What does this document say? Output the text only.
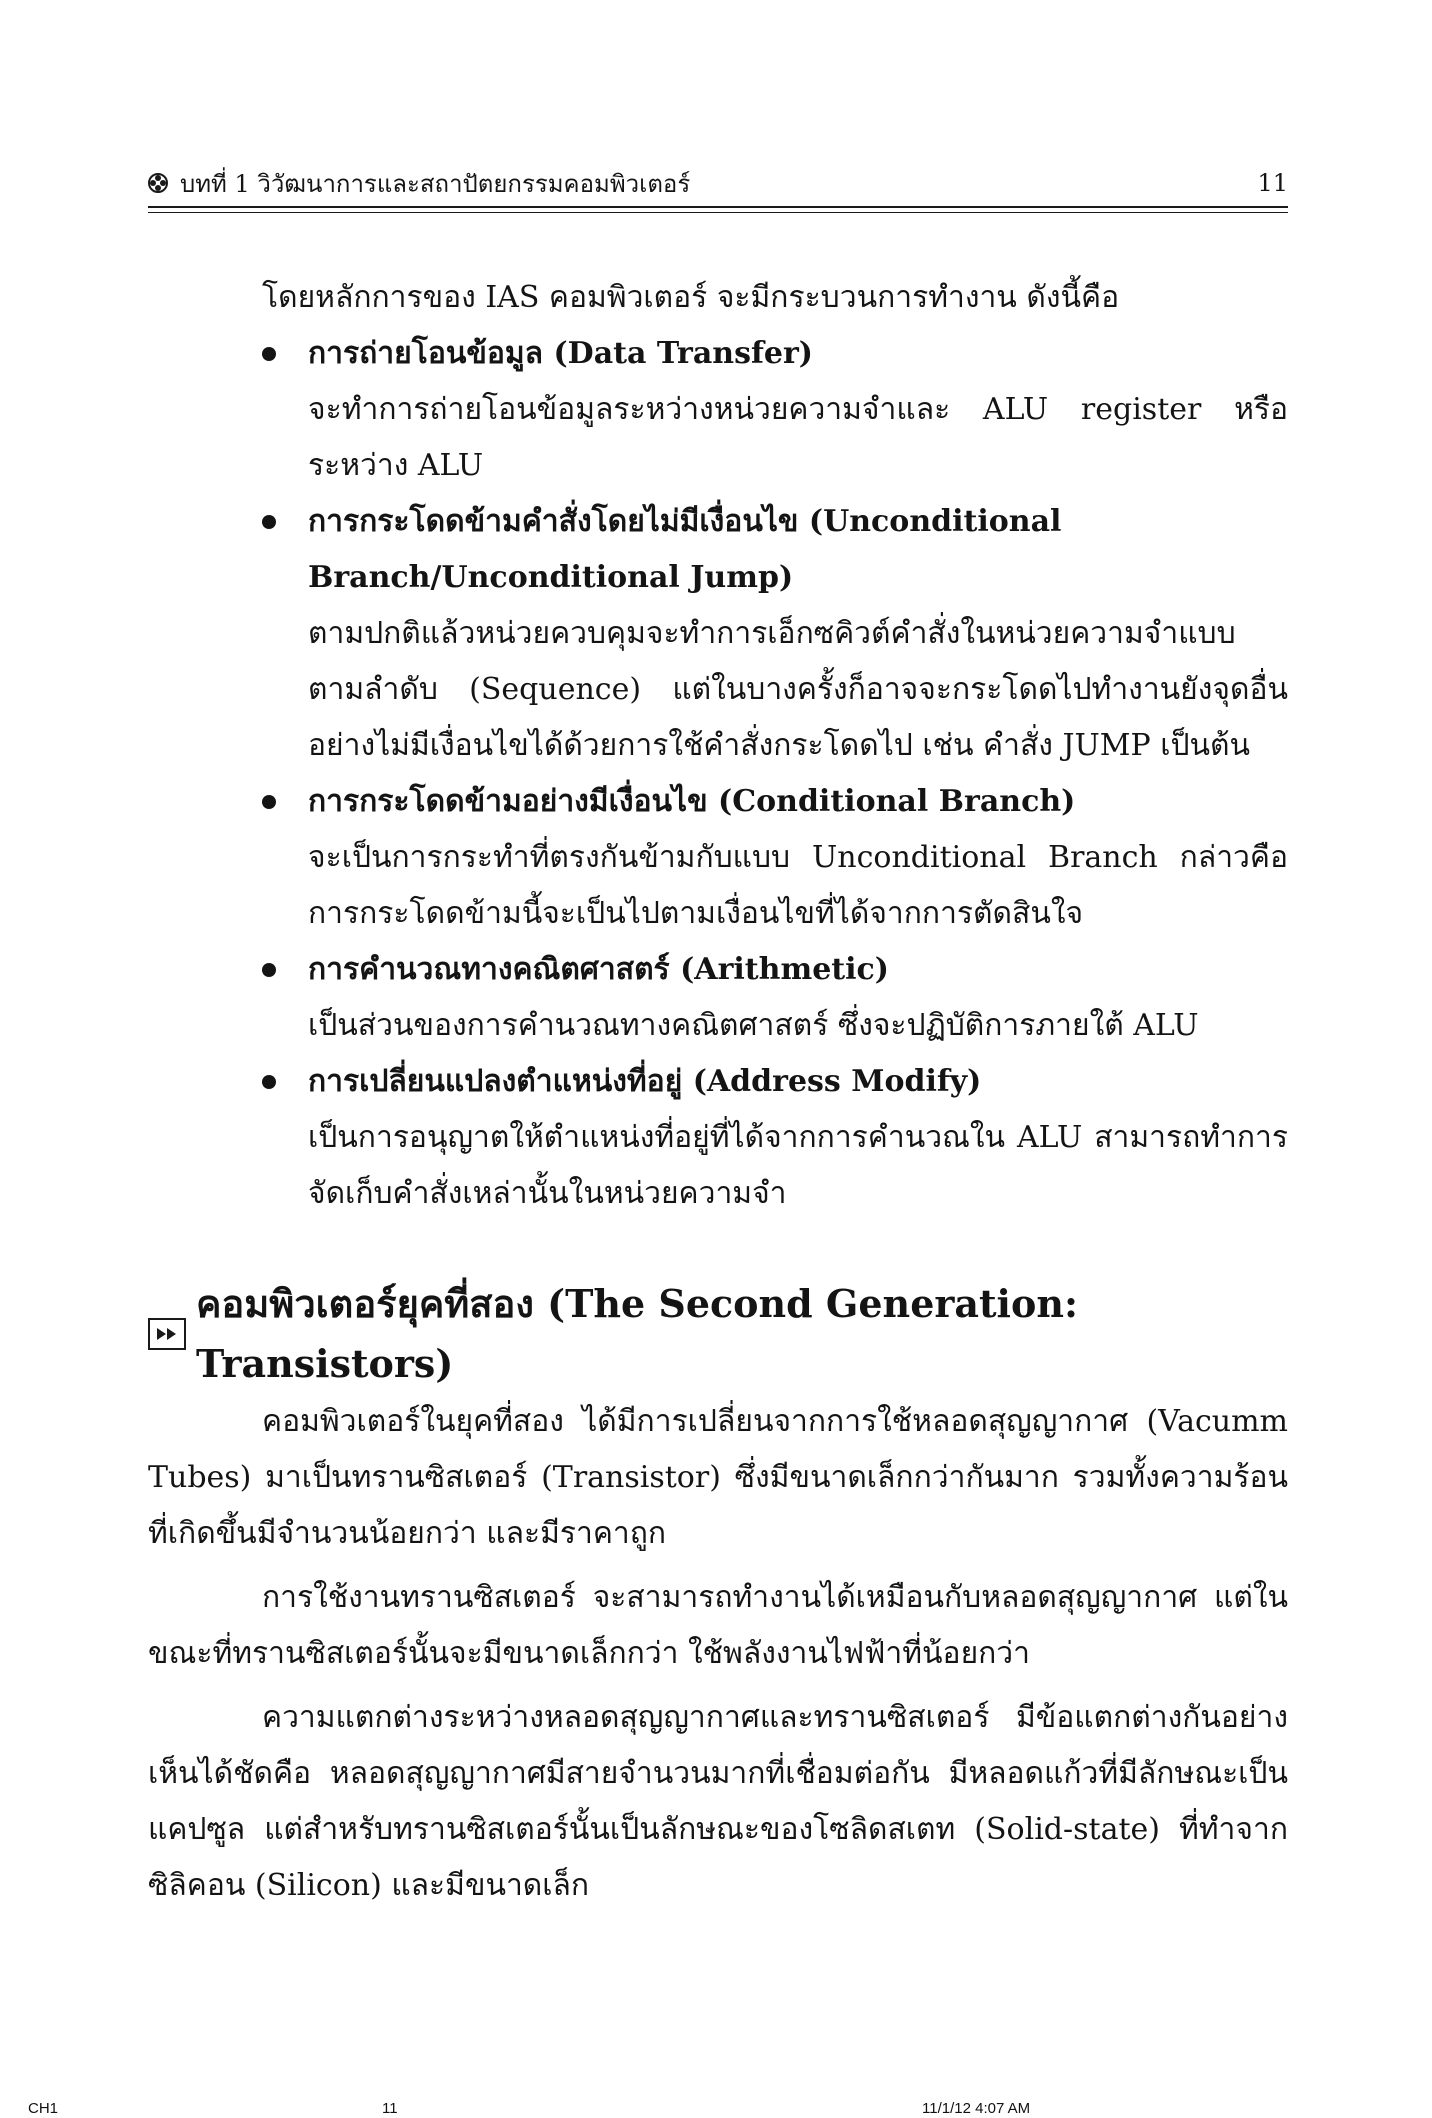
บทที่ 1 วิวัฒนาการและสถาปัตยกรรมคอมพิวเตอร์	11

โดยหลักการของ IAS คอมพิวเตอร์ จะมีกระบวนการทำงาน ดังนี้คือ

การถ่ายโอนข้อมูล (Data Transfer)

จะทำการถ่ายโอนข้อมูลระหว่างหน่วยความจำและ ALU register หรือระหว่าง ALU

การกระโดดข้ามคำสั่งโดยไม่มีเงื่อนไข (Unconditional Branch/Unconditional Jump)

ตามปกติแล้วหน่วยควบคุมจะทำการเอ็กซคิวต์คำสั่งในหน่วยความจำแบบตามลำดับ (Sequence) แต่ในบางครั้งก็อาจจะกระโดดไปทำงานยังจุดอื่นอย่างไม่มีเงื่อนไขได้ด้วยการใช้คำสั่งกระโดดไป เช่น คำสั่ง JUMP เป็นต้น

การกระโดดข้ามอย่างมีเงื่อนไข (Conditional Branch)

จะเป็นการกระทำที่ตรงกันข้ามกับแบบ Unconditional Branch กล่าวคือ การกระโดดข้ามนี้จะเป็นไปตามเงื่อนไขที่ได้จากการตัดสินใจ

การคำนวณทางคณิตศาสตร์ (Arithmetic)

เป็นส่วนของการคำนวณทางคณิตศาสตร์ ซึ่งจะปฏิบัติการภายใต้ ALU

การเปลี่ยนแปลงตำแหน่งที่อยู่ (Address Modify)

เป็นการอนุญาตให้ตำแหน่งที่อยู่ที่ได้จากการคำนวณใน ALU สามารถทำการจัดเก็บคำสั่งเหล่านั้นในหน่วยความจำ

คอมพิวเตอร์ยุคที่สอง (The Second Generation: Transistors)

คอมพิวเตอร์ในยุคที่สอง ได้มีการเปลี่ยนจากการใช้หลอดสุญญากาศ (Vacumm Tubes) มาเป็นทรานซิสเตอร์ (Transistor) ซึ่งมีขนาดเล็กกว่ากันมาก รวมทั้งความร้อนที่เกิดขึ้นมีจำนวนน้อยกว่า และมีราคาถูก

การใช้งานทรานซิสเตอร์ จะสามารถทำงานได้เหมือนกับหลอดสุญญากาศ แต่ในขณะที่ทรานซิสเตอร์นั้นจะมีขนาดเล็กกว่า ใช้พลังงานไฟฟ้าที่น้อยกว่า

ความแตกต่างระหว่างหลอดสุญญากาศและทรานซิสเตอร์ มีข้อแตกต่างกันอย่างเห็นได้ชัดคือ หลอดสุญญากาศมีสายจำนวนมากที่เชื่อมต่อกัน มีหลอดแก้วที่มีลักษณะเป็นแคปซูล แต่สำหรับทรานซิสเตอร์นั้นเป็นลักษณะของโซลิดสเตท (Solid-state) ที่ทำจากซิลิคอน (Silicon) และมีขนาดเล็ก

CH1	11	11/1/12 4:07 AM
